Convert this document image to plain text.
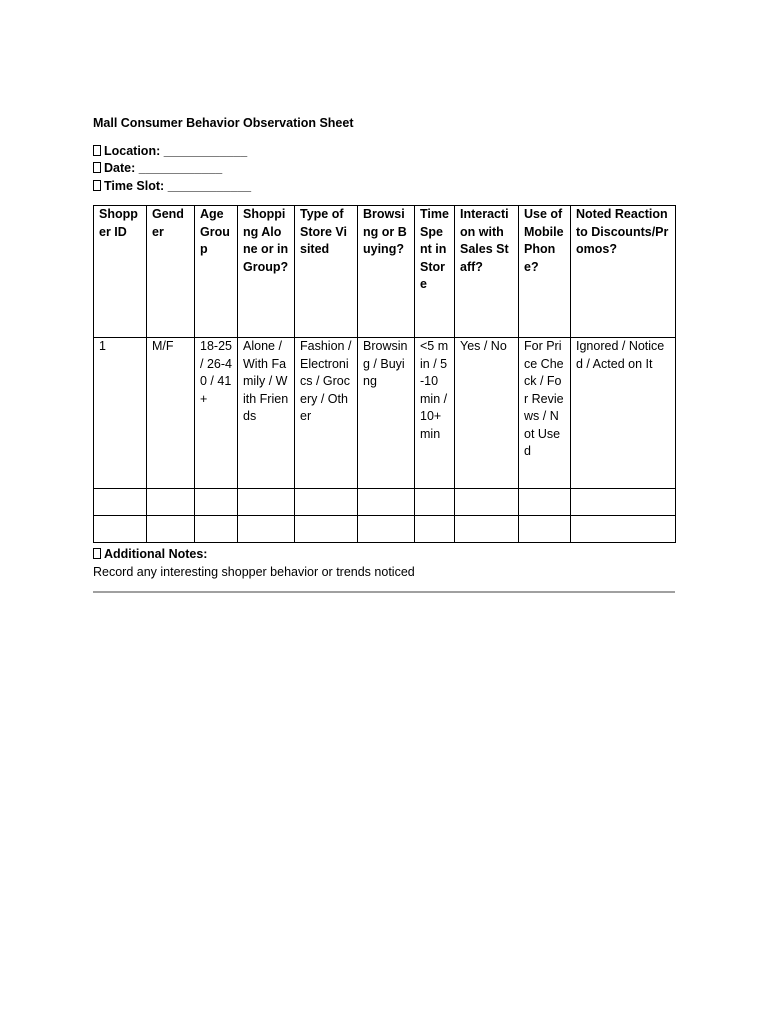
Mall Consumer Behavior Observation Sheet
Location: ____________
Date: ____________
Time Slot: ____________
Shopper ID	Gender	Age Group	Shopping Alone or in Group?	Type of Store Visited	Browsing or Buying?	Time Spent in Store	Interaction with Sales Staff?	Use of Mobile Phone?	Noted Reaction to Discounts/Promos?
1	M/F	18-25 / 26-40 / 41+	Alone / With Family / With Friends	Fashion / Electronics / Grocery / Other	Browsing / Buying	<5 min / 5-10 min / 10+ min	Yes / No	For Price Check / For Reviews / Not Used	Ignored / Noticed / Acted on It

Additional Notes:
Record any interesting shopper behavior or trends noticed
